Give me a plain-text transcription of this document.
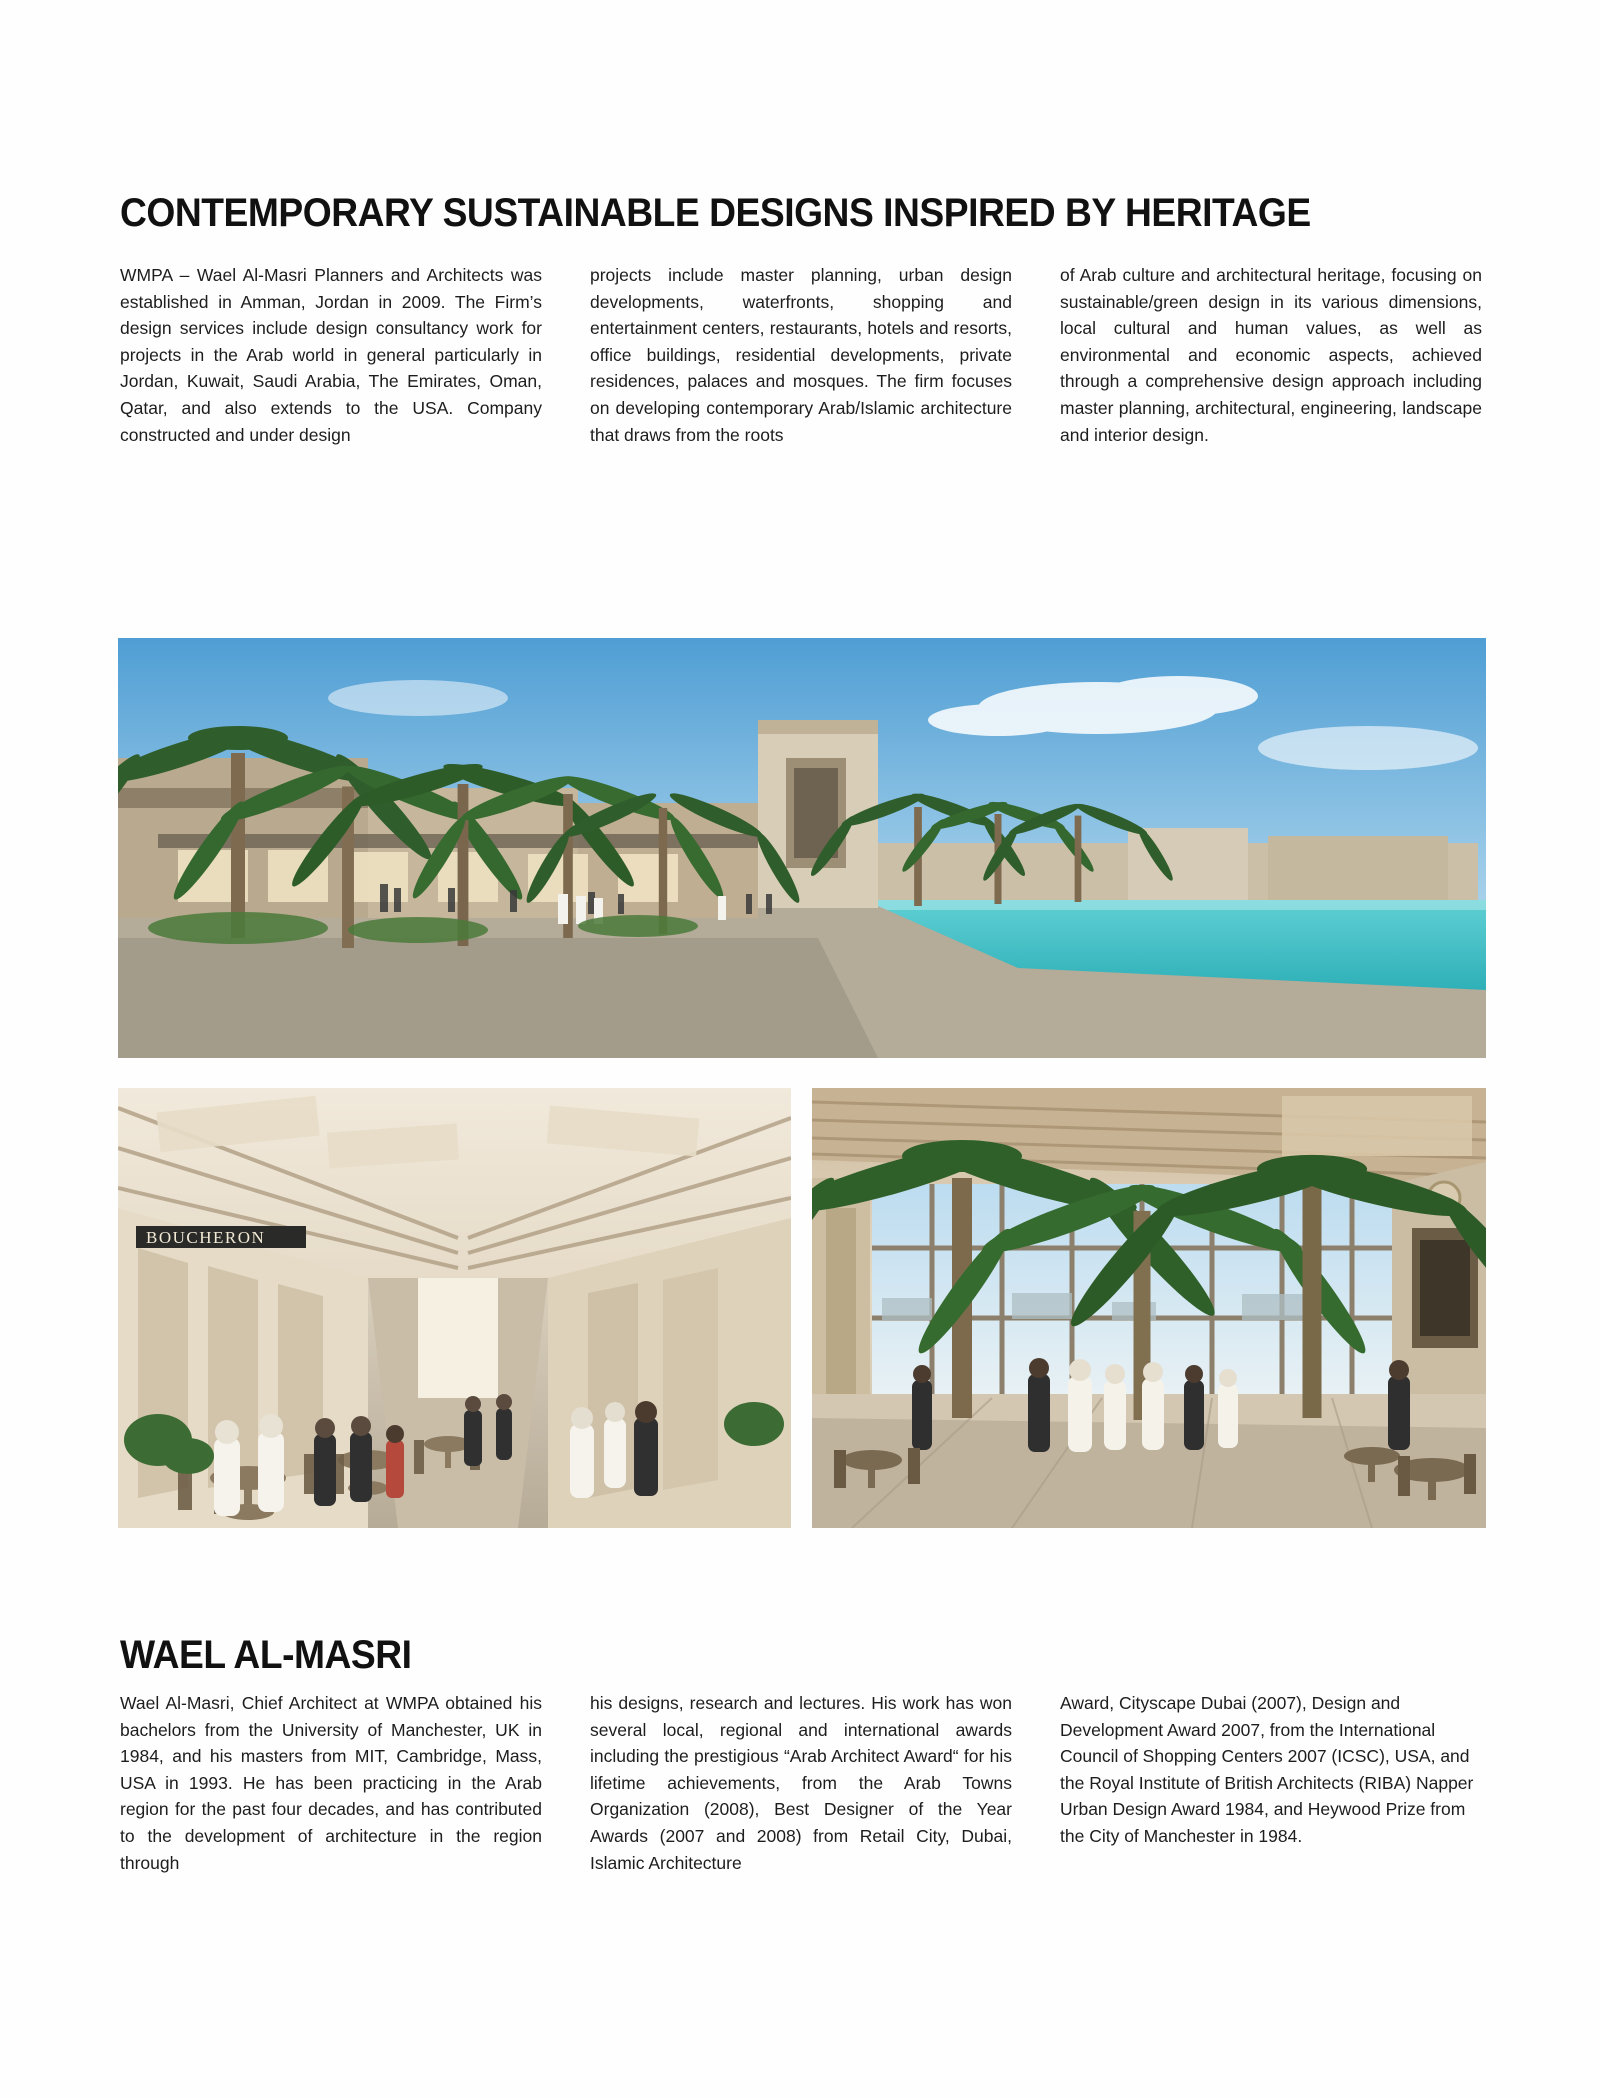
CONTEMPORARY SUSTAINABLE DESIGNS INSPIRED BY HERITAGE

WMPA – Wael Al-Masri Planners and Architects was established in Amman, Jordan in 2009. The Firm’s design services include design consultancy work for projects in the Arab world in general particularly in Jordan, Kuwait, Saudi Arabia, The Emirates, Oman, Qatar, and also extends to the USA. Company constructed and under design

projects include master planning, urban design developments, waterfronts, shopping and entertainment centers, restaurants, hotels and resorts, office buildings, residential developments, private residences, palaces and mosques. The firm focuses on developing contemporary Arab/Islamic architecture that draws from the roots

of Arab culture and architectural heritage, focusing on sustainable/green design in its various dimensions, local cultural and human values, as well as environmental and economic aspects, achieved through a comprehensive design approach including master planning, architectural, engineering, landscape and interior design.

BOUCHERON
WAEL AL-MASRI

Wael Al-Masri, Chief Architect at WMPA obtained his bachelors from the University of Manchester, UK in 1984, and his masters from MIT, Cambridge, Mass, USA in 1993. He has been practicing in the Arab region for the past four decades, and has contributed to the development of architecture in the region through

his designs, research and lectures. His work has won several local, regional and international awards including the prestigious “Arab Architect Award“ for his lifetime achievements, from the Arab Towns Organization (2008), Best Designer of the Year Awards (2007 and 2008) from Retail City, Dubai, Islamic Architecture

Award, Cityscape Dubai (2007), Design and Development Award 2007, from the International Council of Shopping Centers 2007 (ICSC), USA, and the Royal Institute of British Architects (RIBA) Napper Urban Design Award 1984, and Heywood Prize from the City of Manchester in 1984.
